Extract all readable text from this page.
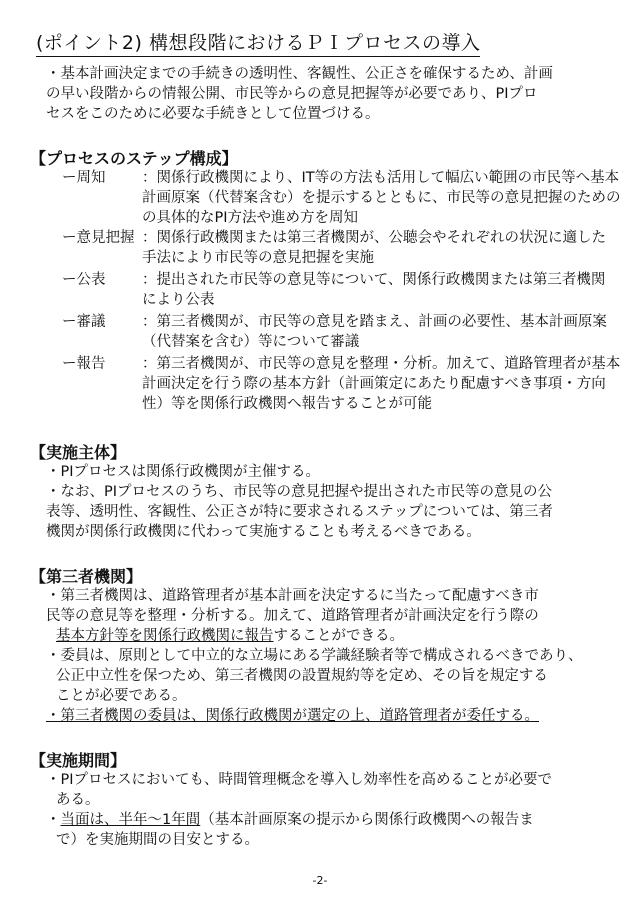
(ポイント2) 構想段階におけるＰＩプロセスの導入
・基本計画決定までの手続きの透明性、客観性、公正さを確保するため、計画
の早い段階からの情報公開、市民等からの意見把握等が必要であり、PIプロ
セスをこのために必要な手続きとして位置づける。
【プロセスのステップ構成】
ー周知	：関係行政機関により、IT等の方法も活用して幅広い範囲の市民等へ基本
計画原案（代替案含む）を提示するとともに、市民等の意見把握のための
の具体的なPI方法や進め方を周知
ー意見把握 ：関係行政機関または第三者機関が、公聴会やそれぞれの状況に適した
手法により市民等の意見把握を実施
ー公表	：提出された市民等の意見等について、関係行政機関または第三者機関
により公表
ー審議	：第三者機関が、市民等の意見を踏まえ、計画の必要性、基本計画原案
（代替案を含む）等について審議
ー報告	：第三者機関が、市民等の意見を整理・分析。加えて、道路管理者が基本
計画決定を行う際の基本方針（計画策定にあたり配慮すべき事項・方向
性）等を関係行政機関へ報告することが可能
【実施主体】
・PIプロセスは関係行政機関が主催する。
・なお、PIプロセスのうち、市民等の意見把握や提出された市民等の意見の公
表等、透明性、客観性、公正さが特に要求されるステップについては、第三者
機関が関係行政機関に代わって実施することも考えるべきである。
【第三者機関】
・第三者機関は、道路管理者が基本計画を決定するに当たって配慮すべき市
民等の意見等を整理・分析する。加えて、道路管理者が計画決定を行う際の
基本方針等を関係行政機関に報告することができる。
・委員は、原則として中立的な立場にある学識経験者等で構成されるべきであり、
公正中立性を保つため、第三者機関の設置規約等を定め、その旨を規定する
ことが必要である。
・第三者機関の委員は、関係行政機関が選定の上、道路管理者が委任する。
【実施期間】
・PIプロセスにおいても、時間管理概念を導入し効率性を高めることが必要で
ある。
・当面は、半年～1年間（基本計画原案の提示から関係行政機関への報告ま
で）を実施期間の目安とする。
-2-
